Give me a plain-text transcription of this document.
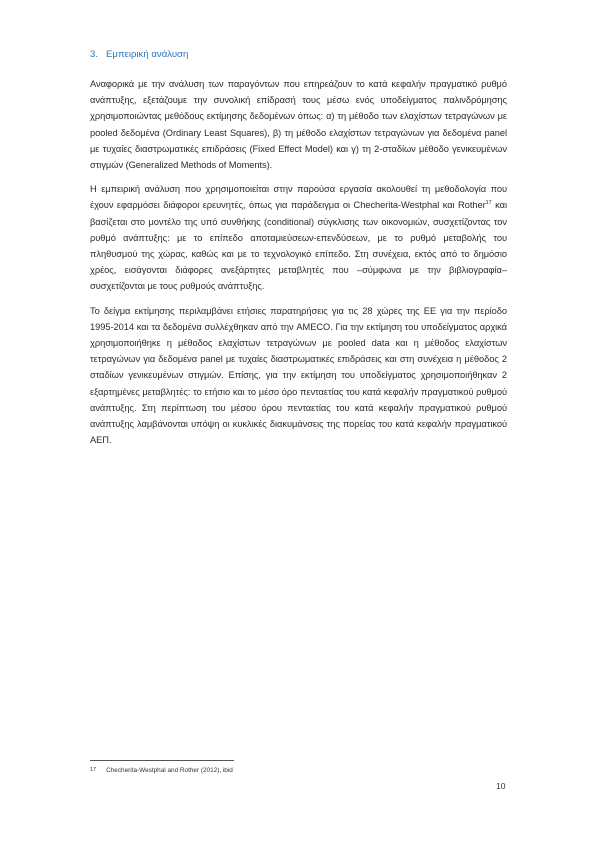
3. Εμπειρική ανάλυση

Αναφορικά με την ανάλυση των παραγόντων που επηρεάζουν το κατά κεφαλήν πραγματικό ρυθμό ανάπτυξης, εξετάζουμε την συνολική επίδρασή τους μέσω ενός υποδείγματος παλινδρόμησης χρησιμοποιώντας μεθόδους εκτίμησης δεδομένων όπως: α) τη μέθοδο των ελαχίστων τετραγώνων με pooled δεδομένα (Ordinary Least Squares), β) τη μέθοδο ελαχίστων τετραγώνων για δεδομένα panel με τυχαίες διαστρωματικές επιδράσεις (Fixed Effect Model) και γ) τη 2-σταδίων μέθοδο γενικευμένων στιγμών (Generalized Methods of Moments).

Η εμπειρική ανάλυση που χρησιμοποιείται στην παρούσα εργασία ακολουθεί τη μεθοδολογία που έχουν εφαρμόσει διάφοροι ερευνητές, όπως για παράδειγμα οι Checherita-Westphal και Rother$^{17}$ και βασίζεται στο μοντέλο της υπό συνθήκης (conditional) σύγκλισης των οικονομιών, συσχετίζοντας τον ρυθμό ανάπτυξης: με το επίπεδο αποταμιεύσεων-επενδύσεων, με το ρυθμό μεταβολής του πληθυσμού της χώρας, καθώς και με το τεχνολογικό επίπεδο. Στη συνέχεια, εκτός από το δημόσιο χρέος, εισάγονται διάφορες ανεξάρτητες μεταβλητές που –σύμφωνα με την βιβλιογραφία– συσχετίζονται με τους ρυθμούς ανάπτυξης.

Το δείγμα εκτίμησης περιλαμβάνει ετήσιες παρατηρήσεις για τις 28 χώρες της ΕΕ για την περίοδο 1995-2014 και τα δεδομένα συλλέχθηκαν από την AMECO. Για την εκτίμηση του υποδείγματος αρχικά χρησιμοποιήθηκε η μέθοδος ελαχίστων τετραγώνων με pooled data και η μέθοδος ελαχίστων τετραγώνων για δεδομένα panel με τυχαίες διαστρωματικές επιδράσεις και στη συνέχεια η μέθοδος 2 σταδίων γενικευμένων στιγμών. Επίσης, για την εκτίμηση του υποδείγματος χρησιμοποιήθηκαν 2 εξαρτημένες μεταβλητές: το ετήσιο και το μέσο όρο πενταετίας του κατά κεφαλήν πραγματικού ρυθμού ανάπτυξης. Στη περίπτωση του μέσου όρου πενταετίας του κατά κεφαλήν πραγματικού ρυθμού ανάπτυξης λαμβάνονται υπόψη οι κυκλικές διακυμάνσεις της πορείας του κατά κεφαλήν πραγματικού ΑΕΠ.

17 Checherita-Westphal and Rother (2012), ibid
10
